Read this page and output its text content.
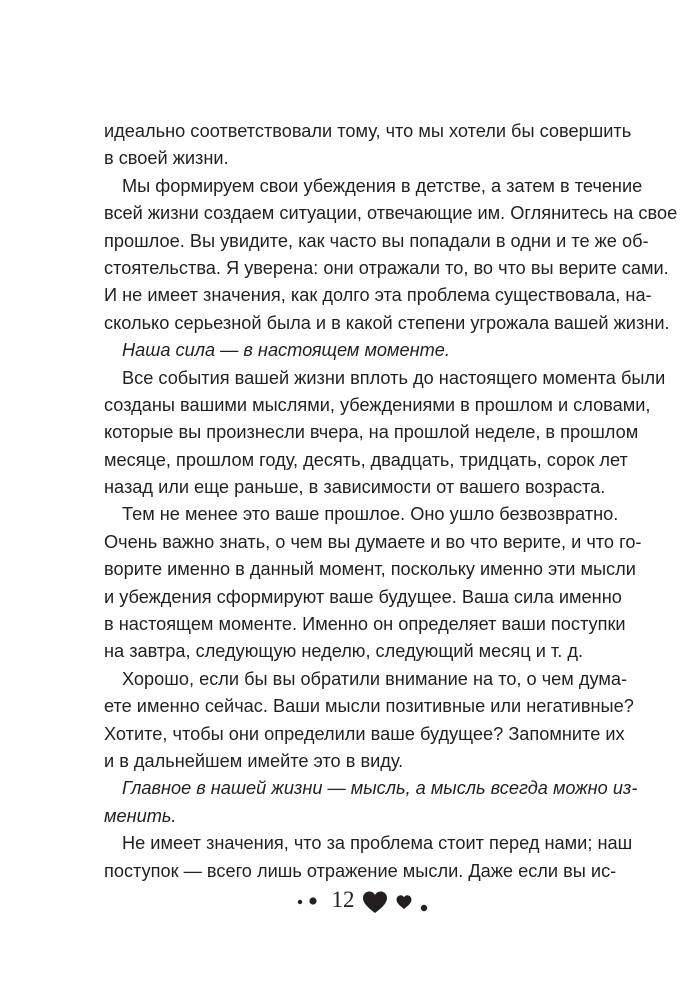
идеально соответствовали тому, что мы хотели бы совершить
в своей жизни.
Мы формируем свои убеждения в детстве, а затем в течение
всей жизни создаем ситуации, отвечающие им. Оглянитесь на свое
прошлое. Вы увидите, как часто вы попадали в одни и те же об-
стоятельства. Я уверена: они отражали то, во что вы верите сами.
И не имеет значения, как долго эта проблема существовала, на-
сколько серьезной была и в какой степени угрожала вашей жизни.
Наша сила — в настоящем моменте.
Все события вашей жизни вплоть до настоящего момента были
созданы вашими мыслями, убеждениями в прошлом и словами,
которые вы произнесли вчера, на прошлой неделе, в прошлом
месяце, прошлом году, десять, двадцать, тридцать, сорок лет
назад или еще раньше, в зависимости от вашего возраста.
Тем не менее это ваше прошлое. Оно ушло безвозвратно.
Очень важно знать, о чем вы думаете и во что верите, и что го-
ворите именно в данный момент, поскольку именно эти мысли
и убеждения сформируют ваше будущее. Ваша сила именно
в настоящем моменте. Именно он определяет ваши поступки
на завтра, следующую неделю, следующий месяц и т. д.
Хорошо, если бы вы обратили внимание на то, о чем дума-
ете именно сейчас. Ваши мысли позитивные или негативные?
Хотите, чтобы они определили ваше будущее? Запомните их
и в дальнейшем имейте это в виду.
Главное в нашей жизни — мысль, а мысль всегда можно из-
менить.
Не имеет значения, что за проблема стоит перед нами; наш
поступок — всего лишь отражение мысли. Даже если вы ис-
12
